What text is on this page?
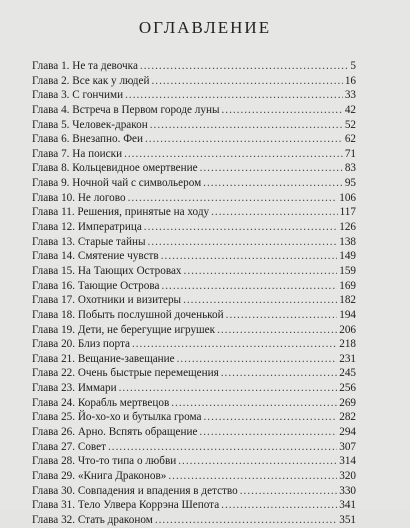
ОГЛАВЛЕНИЕ
Глава 1. Не та девочка .....	5
Глава 2. Все как у людей .....	16
Глава 3. С гончими .....	33
Глава 4. Встреча в Первом городе луны .....	42
Глава 5. Человек-дракон .....	52
Глава 6. Внезапно. Феи .....	62
Глава 7. На поиски .....	71
Глава 8. Кольцевидное омертвение .....	83
Глава 9. Ночной чай с символьером .....	95
Глава 10. Не логово .....	106
Глава 11. Решения, принятые на ходу .....	117
Глава 12. Императрица .....	126
Глава 13. Старые тайны .....	138
Глава 14. Смятение чувств .....	149
Глава 15. На Тающих Островах .....	159
Глава 16. Тающие Острова .....	169
Глава 17. Охотники и визитеры .....	182
Глава 18. Побыть послушной доченькой .....	194
Глава 19. Дети, не берегущие игрушек .....	206
Глава 20. Близ порта .....	218
Глава 21. Вещание-завещание .....	231
Глава 22. Очень быстрые перемещения .....	245
Глава 23. Иммари .....	256
Глава 24. Корабль мертвецов .....	269
Глава 25. Йо-хо-хо и бутылка грома .....	282
Глава 26. Арно. Вспять обращение .....	294
Глава 27. Совет .....	307
Глава 28. Что-то типа о любви .....	314
Глава 29. «Книга Драконов» .....	320
Глава 30. Совпадения и впадения в детство .....	330
Глава 31. Тело Улвера Коррэна Шепота .....	341
Глава 32. Стать драконом .....	351
